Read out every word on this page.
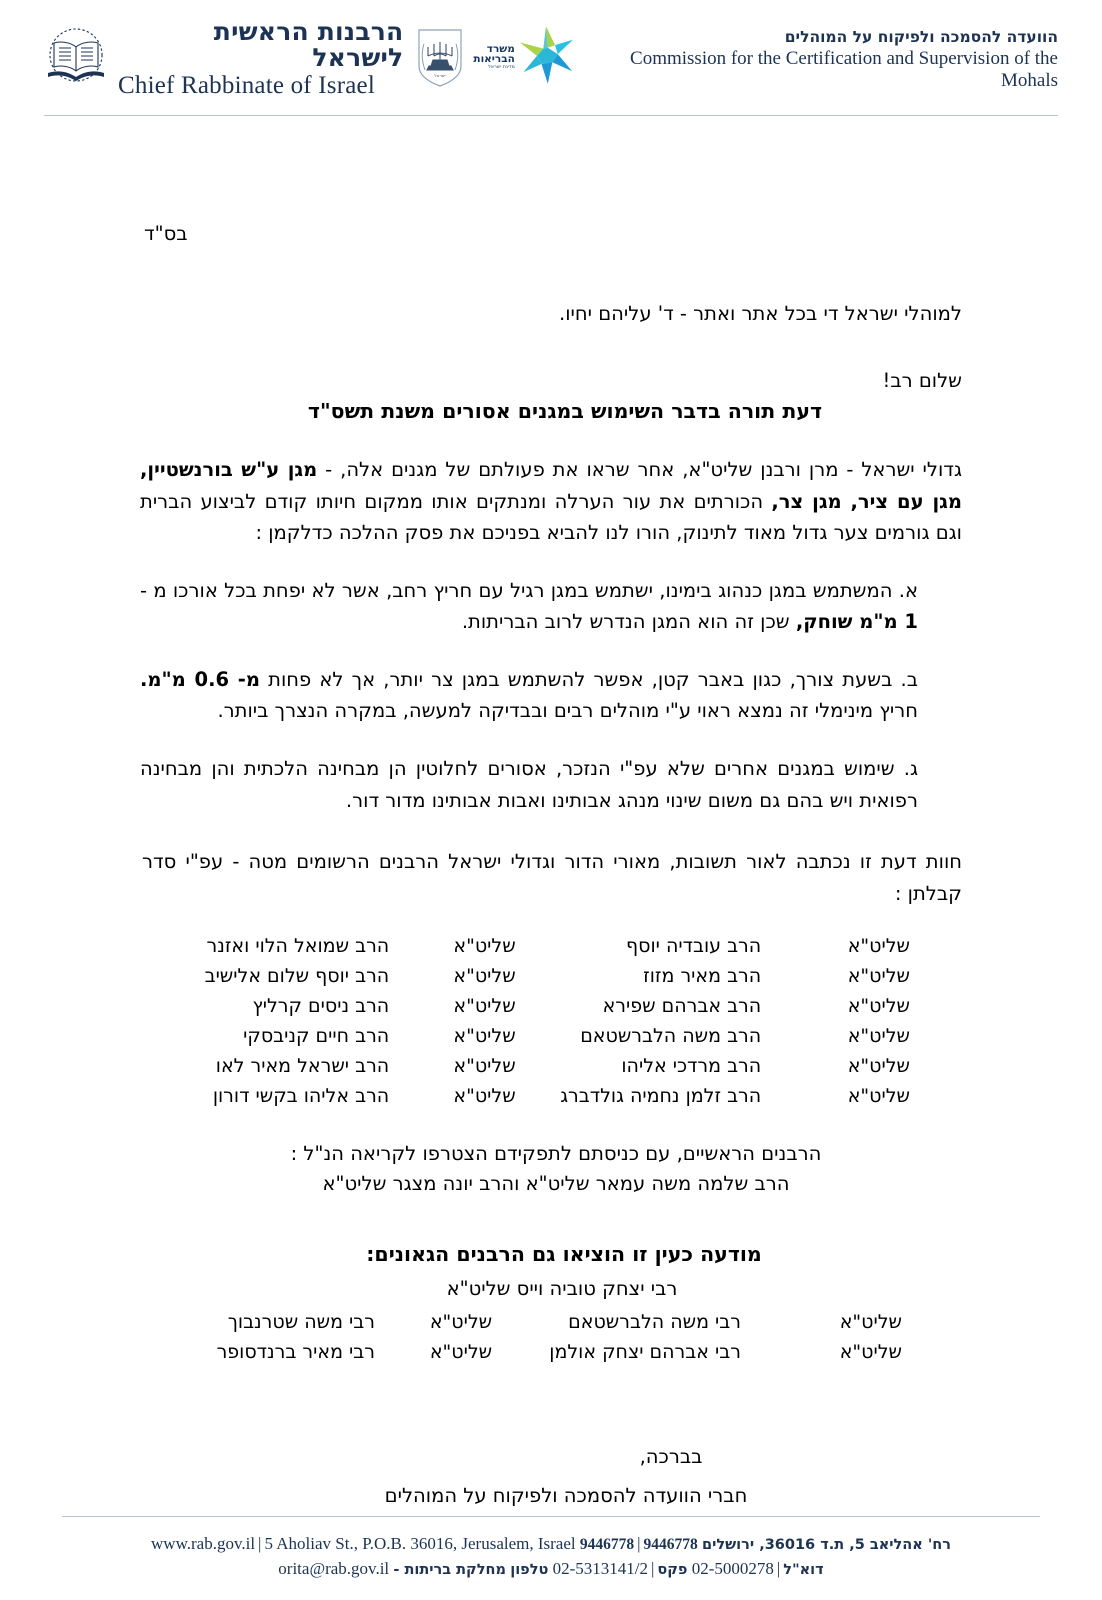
הרבנות הראשית לישראל
Chief Rabbinate of Israel	ישראל
משרד
הבריאות
מדינת ישראל
הוועדה להסמכה ולפיקוח על המוהלים
Commission for the Certification and Supervision of the Mohals
בס"ד
למוהלי ישראל די בכל אתר ואתר - ד' עליהם יחיו.
שלום רב!
דעת תורה בדבר השימוש במגנים אסורים משנת תשס"ד
גדולי ישראל - מרן ורבנן שליט"א, אחר שראו את פעולתם של מגנים אלה, - מגן ע"ש בורנשטיין, מגן עם ציר, מגן צר, הכורתים את עור הערלה ומנתקים אותו ממקום חיותו קודם לביצוע הברית וגם גורמים צער גדול מאוד לתינוק, הורו לנו להביא בפניכם את פסק ההלכה כדלקמן :
א. המשתמש במגן כנהוג בימינו, ישתמש במגן רגיל עם חריץ רחב, אשר לא יפחת בכל אורכו מ - 1 מ"מ שוחק, שכן זה הוא המגן הנדרש לרוב הבריתות.
ב. בשעת צורך, כגון באבר קטן, אפשר להשתמש במגן צר יותר, אך לא פחות מ- 0.6 מ"מ. חריץ מינימלי זה נמצא ראוי ע"י מוהלים רבים ובבדיקה למעשה, במקרה הנצרך ביותר.
ג. שימוש במגנים אחרים שלא עפ"י הנזכר, אסורים לחלוטין הן מבחינה הלכתית והן מבחינה רפואית ויש בהם גם משום שינוי מנהג אבותינו ואבות אבותינו מדור דור.
חוות דעת זו נכתבה לאור תשובות, מאורי הדור וגדולי ישראל הרבנים הרשומים מטה - עפ"י סדר קבלתן :
שליט"א	הרב עובדיה יוסף	שליט"א	הרב שמואל הלוי ואזנר
שליט"א	הרב מאיר מזוז	שליט"א	הרב יוסף שלום אלישיב
שליט"א	הרב אברהם שפירא	שליט"א	הרב ניסים קרליץ
שליט"א	הרב משה הלברשטאם	שליט"א	הרב חיים קניבסקי
שליט"א	הרב מרדכי אליהו	שליט"א	הרב ישראל מאיר לאו
שליט"א	הרב זלמן נחמיה גולדברג	שליט"א	הרב אליהו בקשי דורון
הרבנים הראשיים, עם כניסתם לתפקידם הצטרפו לקריאה הנ"ל :
הרב שלמה משה עמאר שליט"א והרב יונה מצגר שליט"א
מודעה כעין זו הוציאו גם הרבנים הגאונים:
רבי יצחק טוביה וייס שליט"א
שליט"א	רבי משה הלברשטאם	שליט"א	רבי משה שטרנבוך
שליט"א	רבי אברהם יצחק אולמן	שליט"א	רבי מאיר ברנדסופר
בברכה,
חברי הוועדה להסמכה ולפיקוח על המוהלים
www.rab.gov.il | 5 Aholiav St., P.O.B. 36016, Jerusalem, Israel 9446778 | 9446778 רח' אהליאב 5, ת.ד 36016, ירושלים
orita@rab.gov.il	דוא"ל|02-5000278 פקס|02-5313141/2 טלפון מחלקת בריתות -
